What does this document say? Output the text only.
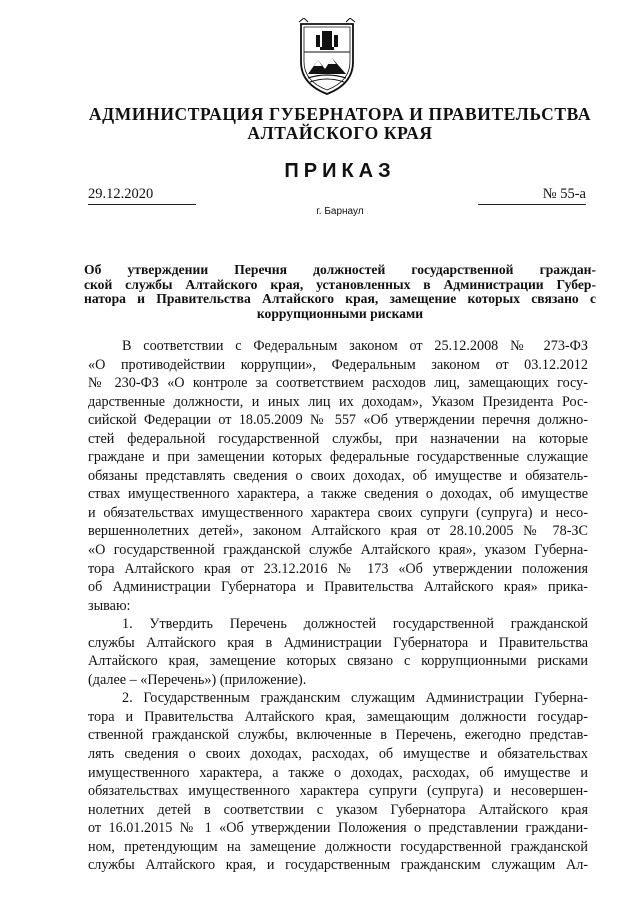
АДМИНИСТРАЦИЯ ГУБЕРНАТОРА И ПРАВИТЕЛЬСТВА
АЛТАЙСКОГО КРАЯ
ПРИКАЗ
29.12.2020	№ 55-а
г. Барнаул
Об утверждении Перечня должностей государственной граждан-
ской службы Алтайского края, установленных в Администрации Губер-
натора и Правительства Алтайского края, замещение которых связано с
коррупционными рисками
В соответствии с Федеральным законом от 25.12.2008 № 273-ФЗ
«О противодействии коррупции», Федеральным законом от 03.12.2012
№ 230-ФЗ «О контроле за соответствием расходов лиц, замещающих госу-
дарственные должности, и иных лиц их доходам», Указом Президента Рос-
сийской Федерации от 18.05.2009 № 557 «Об утверждении перечня должно-
стей федеральной государственной службы, при назначении на которые
граждане и при замещении которых федеральные государственные служащие
обязаны представлять сведения о своих доходах, об имуществе и обязатель-
ствах имущественного характера, а также сведения о доходах, об имуществе
и обязательствах имущественного характера своих супруги (супруга) и несо-
вершеннолетних детей», законом Алтайского края от 28.10.2005 № 78-ЗС
«О государственной гражданской службе Алтайского края», указом Губерна-
тора Алтайского края от 23.12.2016 № 173 «Об утверждении положения
об Администрации Губернатора и Правительства Алтайского края» прика-
зываю:
1. Утвердить Перечень должностей государственной гражданской
службы Алтайского края в Администрации Губернатора и Правительства
Алтайского края, замещение которых связано с коррупционными рисками
(далее – «Перечень») (приложение).
2. Государственным гражданским служащим Администрации Губерна-
тора и Правительства Алтайского края, замещающим должности государ-
ственной гражданской службы, включенные в Перечень, ежегодно представ-
лять сведения о своих доходах, расходах, об имуществе и обязательствах
имущественного характера, а также о доходах, расходах, об имуществе и
обязательствах имущественного характера супруги (супруга) и несовершен-
нолетних детей в соответствии с указом Губернатора Алтайского края
от 16.01.2015 № 1 «Об утверждении Положения о представлении граждани-
ном, претендующим на замещение должности государственной гражданской
службы Алтайского края, и государственным гражданским служащим Ал-
